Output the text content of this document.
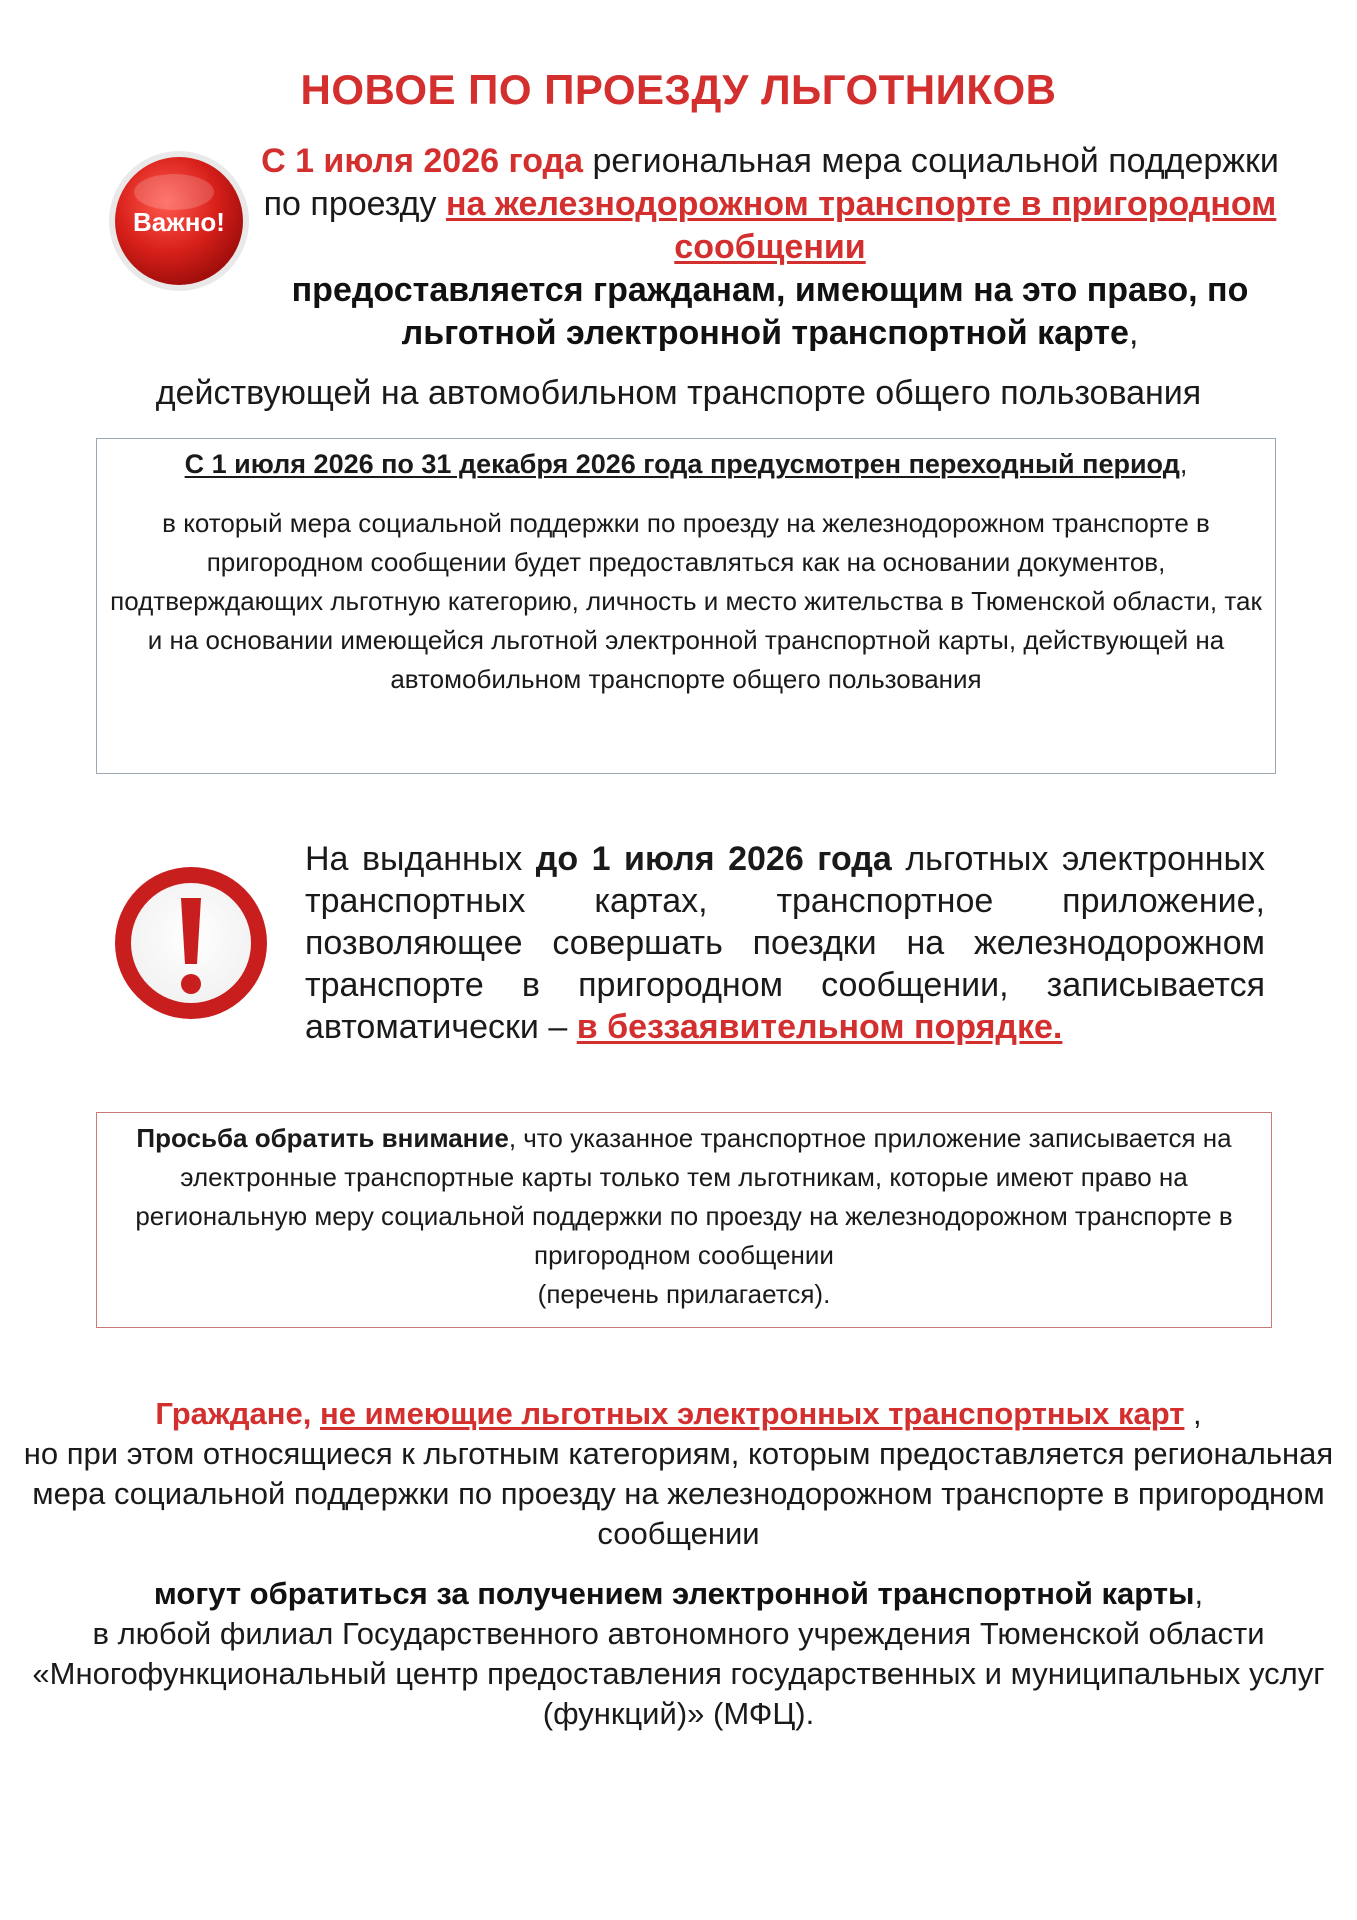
НОВОЕ ПО ПРОЕЗДУ ЛЬГОТНИКОВ
Важно!
С 1 июля 2026 года региональная мера социальной поддержки по проезду на железнодорожном транспорте в пригородном сообщении
предоставляется гражданам, имеющим на это право, по льготной электронной транспортной карте,
действующей на автомобильном транспорте общего пользования
С 1 июля 2026 по 31 декабря 2026 года предусмотрен переходный период,
в который мера социальной поддержки по проезду на железнодорожном транспорте в пригородном сообщении будет предоставляться как на основании документов, подтверждающих льготную категорию, личность и место жительства в Тюменской области, так и на основании имеющейся льготной электронной транспортной карты, действующей на автомобильном транспорте общего пользования
На выданных до 1 июля 2026 года льготных электронных транспортных картах, транспортное приложение, позволяющее совершать поездки на железнодорожном транспорте в пригородном сообщении, записывается автоматически – в беззаявительном порядке.
Просьба обратить внимание, что указанное транспортное приложение записывается на электронные транспортные карты только тем льготникам, которые имеют право на региональную меру социальной поддержки по проезду на железнодорожном транспорте в пригородном сообщении
(перечень прилагается).
Граждане, не имеющие льготных электронных транспортных карт ,
но при этом относящиеся к льготным категориям, которым предоставляется региональная мера социальной поддержки по проезду на железнодорожном транспорте в пригородном сообщении
могут обратиться за получением электронной транспортной карты,
в любой филиал Государственного автономного учреждения Тюменской области «Многофункциональный центр предоставления государственных и муниципальных услуг (функций)» (МФЦ).
